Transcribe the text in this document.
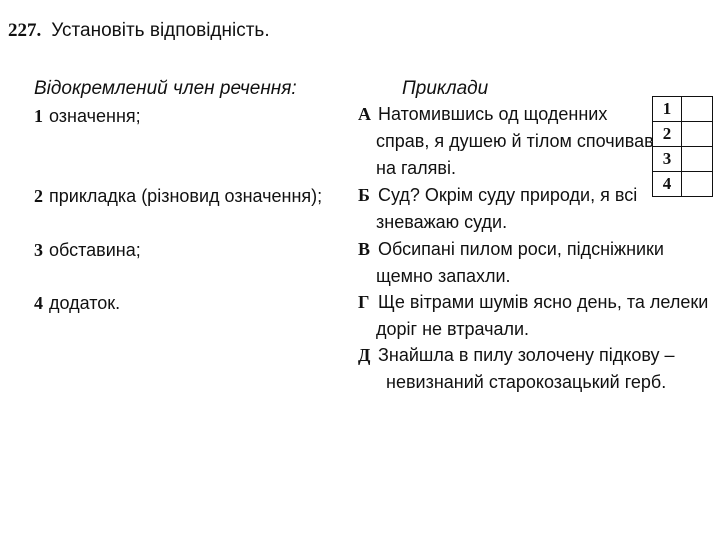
227. Установіть відповідність.
Відокремлений член речення:
1 означення;
2 прикладка (різновид означення);
3 обставина;
4 додаток.
Приклади
А Натомившись од щоденних
справ, я душею й тілом спочивав
на галяві.
Б Суд? Окрім суду природи, я всі
зневажаю суди.
В Обсипані пилом роси, підсніжники
щемно запахли.
Г Ще вітрами шумів ясно день, та лелеки
доріг не втрачали.
Д Знайшла в пилу золочену підкову –
невизнаний старокозацький герб.
1	
2	
3	
4	
